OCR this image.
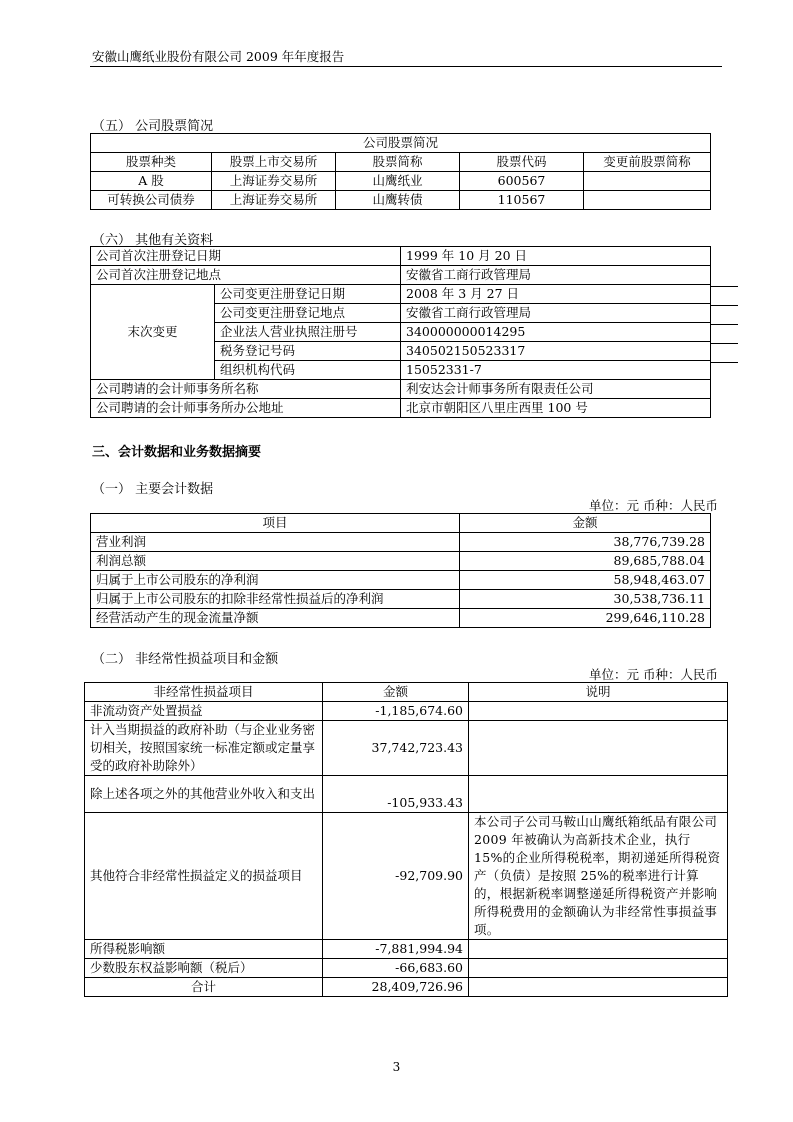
安徽山鹰纸业股份有限公司 2009 年年度报告
（五） 公司股票简况
公司股票简况				
股票种类	股票上市交易所	股票简称	股票代码	变更前股票简称
A 股	上海证券交易所	山鹰纸业	600567	
可转换公司债券	上海证券交易所	山鹰转债	110567	
（六） 其他有关资料
公司首次注册登记日期		1999 年 10 月 20 日
公司首次注册登记地点		安徽省工商行政管理局
末次变更	公司变更注册登记日期	2008 年 3 月 27 日
	公司变更注册登记地点	安徽省工商行政管理局
	企业法人营业执照注册号	340000000014295
	税务登记号码	340502150523317
	组织机构代码	15052331-7
公司聘请的会计师事务所名称		利安达会计师事务所有限责任公司
公司聘请的会计师事务所办公地址		北京市朝阳区八里庄西里 100 号
三、会计数据和业务数据摘要
（一） 主要会计数据
单位：元 币种：人民币
项目	金额
营业利润	38,776,739.28
利润总额	89,685,788.04
归属于上市公司股东的净利润	58,948,463.07
归属于上市公司股东的扣除非经常性损益后的净利润	30,538,736.11
经营活动产生的现金流量净额	299,646,110.28
（二） 非经常性损益项目和金额
单位：元 币种：人民币
非经常性损益项目	金额	说明
非流动资产处置损益	-1,185,674.60	
计入当期损益的政府补助（与企业业务密切相关，按照国家统一标准定额或定量享受的政府补助除外）	37,742,723.43	
除上述各项之外的其他营业外收入和支出	-105,933.43	
其他符合非经常性损益定义的损益项目	-92,709.90	本公司子公司马鞍山山鹰纸箱纸品有限公司 2009 年被确认为高新技术企业，执行 15%的企业所得税税率，期初递延所得税资产（负债）是按照 25%的税率进行计算的，根据新税率调整递延所得税资产并影响所得税费用的金额确认为非经常性事损益事项。
所得税影响额	-7,881,994.94	
少数股东权益影响额（税后）	-66,683.60	
合计	28,409,726.96	
3
